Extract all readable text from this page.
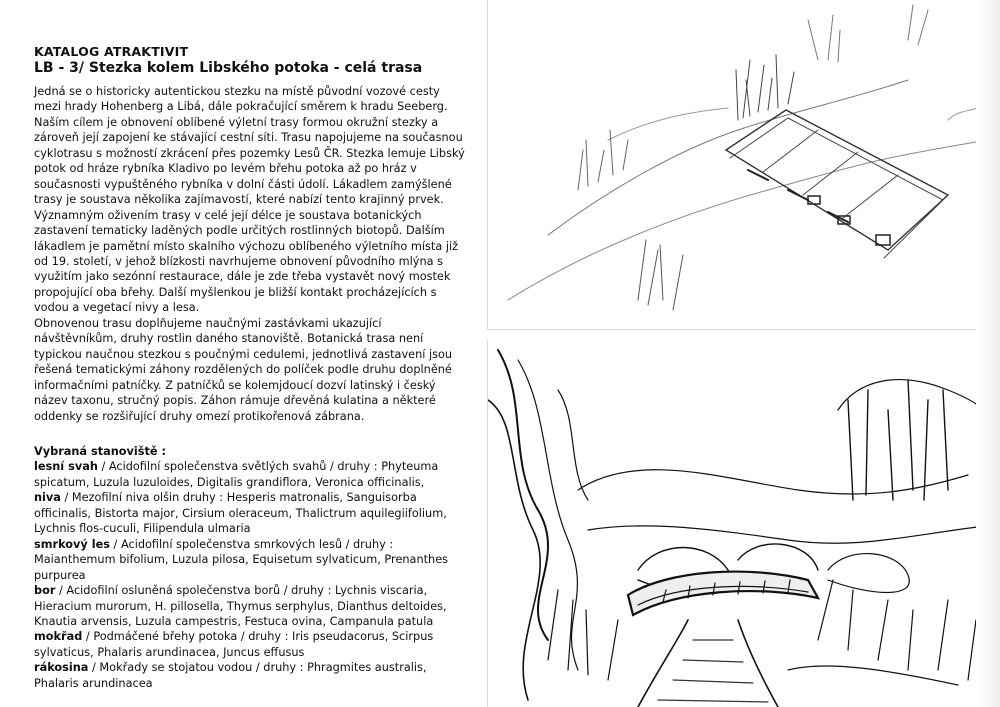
KATALOG ATRAKTIVIT

LB - 3/ Stezka kolem Libského potoka - celá trasa

Jedná se o historicky autentickou stezku na místě původní vozové cesty mezi hrady Hohenberg a Libá, dále pokračující směrem k hradu Seeberg. Naším cílem je obnovení oblíbené výletní trasy formou okružní stezky a zároveň její zapojení ke stávající cestní síti. Trasu napojujeme na současnou cyklotrasu s možností zkrácení přes pozemky Lesů ČR. Stezka lemuje Libský potok od hráze rybníka Kladivo po levém břehu potoka až po hráz v současnosti vypuštěného rybníka v dolní části údolí. Lákadlem zamýšlené trasy je soustava několika zajímavostí, které nabízí tento krajinný prvek. Významným oživením trasy v celé její délce je soustava botanických zastavení tematicky laděných podle určitých rostlinných biotopů. Dalším lákadlem je pamětní místo skalního výchozu oblíbeného výletního místa již od 19. století, v jehož blízkosti navrhujeme obnovení původního mlýna s využitím jako sezónní restaurace, dále je zde třeba vystavět nový mostek propojující oba břehy. Další myšlenkou je bližší kontakt procházejících s vodou a vegetací nivy a lesa.

Obnovenou trasu doplňujeme naučnými zastávkami ukazující návštěvníkům, druhy rostlin daného stanoviště. Botanická trasa není typickou naučnou stezkou s poučnými cedulemi, jednotlivá zastavení jsou řešená tematickými záhony rozdělených do políček podle druhu doplněné informačními patníčky. Z patníčků se kolemjdoucí dozví latinský i český název taxonu, stručný popis. Záhon rámuje dřevěná kulatina a některé oddenky se rozšiřující druhy omezí protikořenová zábrana.

Vybraná stanoviště :

lesní svah / Acidofilní společenstva světlých svahů / druhy : Phyteuma spicatum, Luzula luzuloides, Digitalis grandiflora, Veronica officinalis,

niva / Mezofilní niva olšin druhy : Hesperis matronalis, Sanguisorba officinalis, Bistorta major, Cirsium oleraceum, Thalictrum aquilegiifolium, Lychnis flos-cuculi, Filipendula ulmaria

smrkový les / Acidofilní společenstva smrkových lesů / druhy : Maianthemum bifolium, Luzula pilosa, Equisetum sylvaticum, Prenanthes purpurea

bor / Acidofilní osluněná společenstva borů / druhy : Lychnis viscaria, Hieracium murorum, H. pillosella, Thymus serphylus, Dianthus deltoides, Knautia arvensis, Luzula campestris, Festuca ovina, Campanula patula

mokřad / Podmáčené břehy potoka / druhy : Iris pseudacorus, Scirpus sylvaticus, Phalaris arundinacea, Juncus effusus

rákosina / Mokřady se stojatou vodou / druhy : Phragmites australis, Phalaris arundinacea
